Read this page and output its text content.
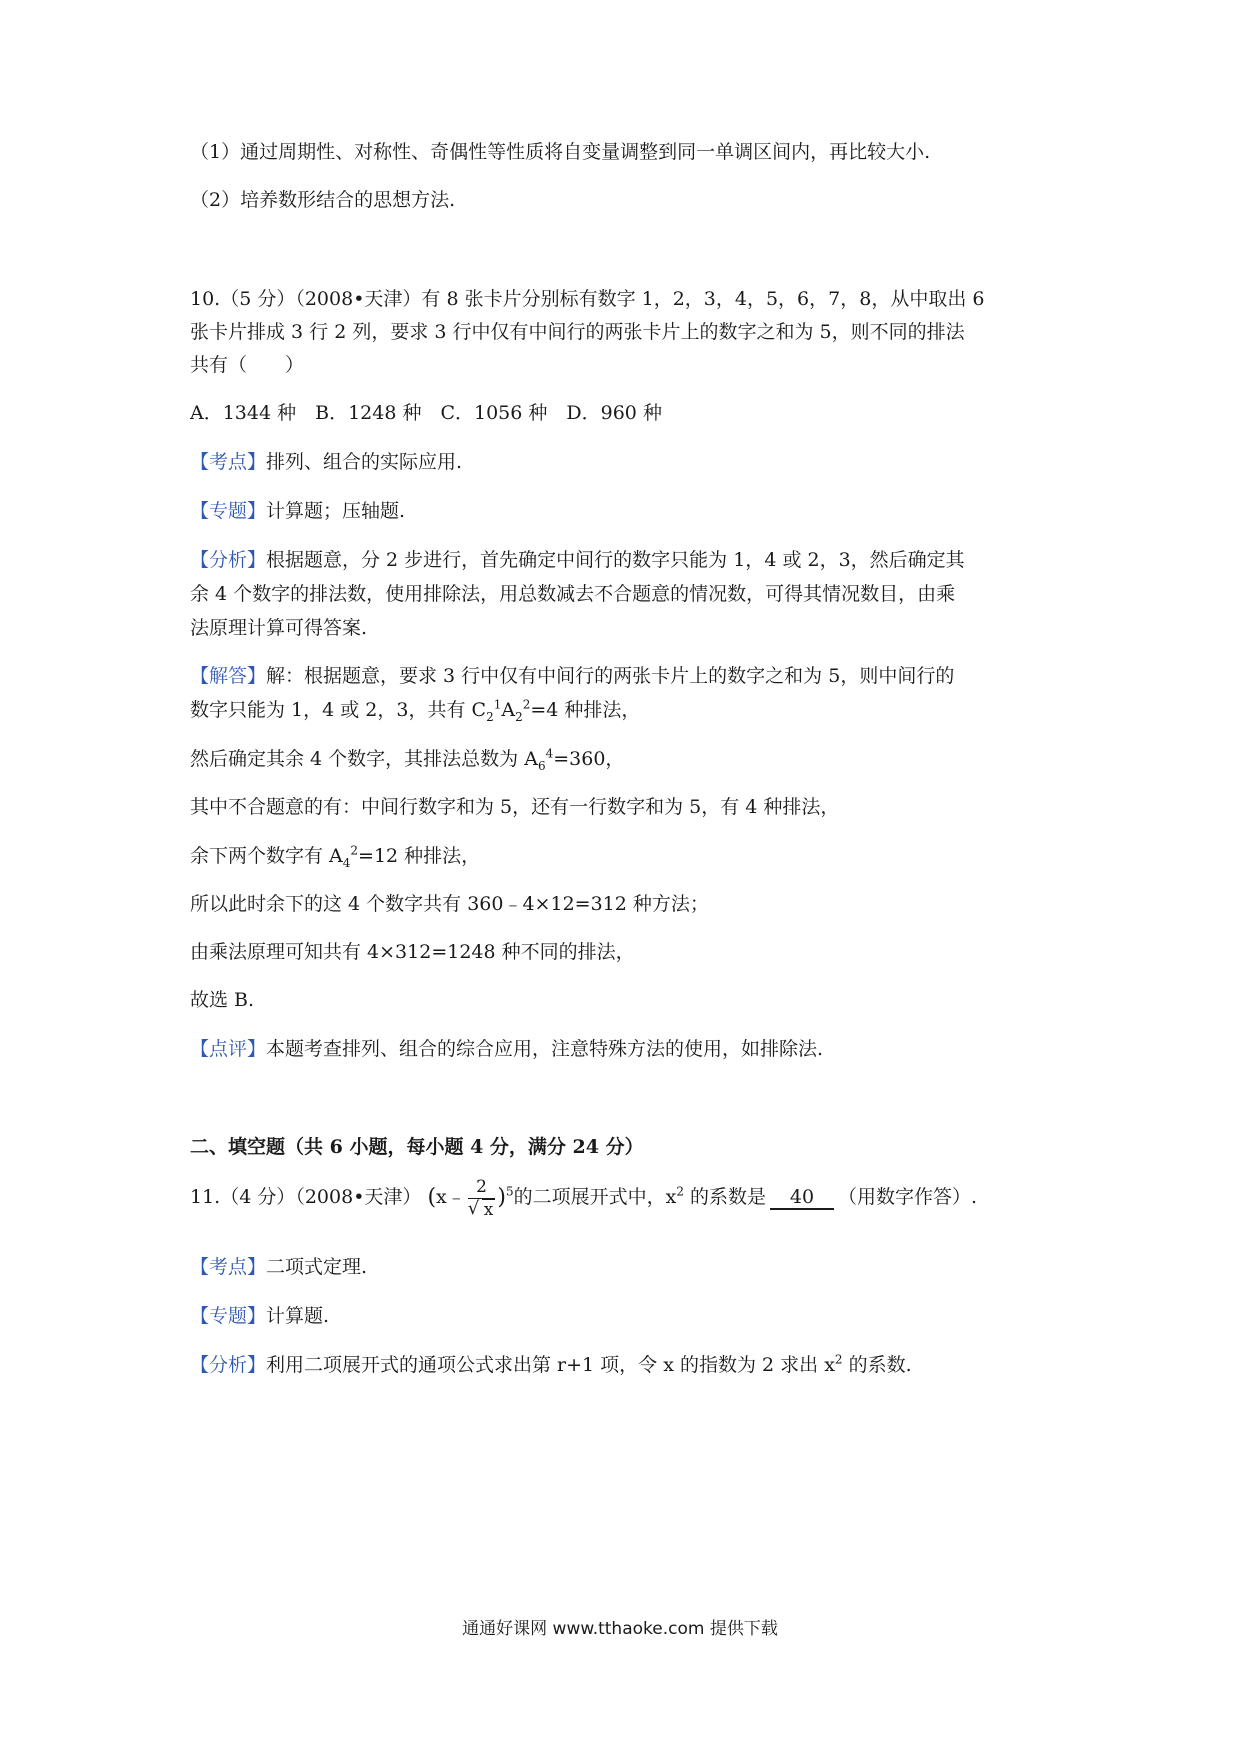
（1）通过周期性、对称性、奇偶性等性质将自变量调整到同一单调区间内，再比较大小.
（2）培养数形结合的思想方法.
10.（5 分）（2008•天津）有 8 张卡片分别标有数字 1，2，3，4，5，6，7，8，从中取出 6
张卡片排成 3 行 2 列，要求 3 行中仅有中间行的两张卡片上的数字之和为 5，则不同的排法
共有（　　）
A．1344 种　B．1248 种　C．1056 种　D．960 种
【考点】排列、组合的实际应用.
【专题】计算题；压轴题.
【分析】根据题意，分 2 步进行，首先确定中间行的数字只能为 1，4 或 2，3，然后确定其
余 4 个数字的排法数，使用排除法，用总数减去不合题意的情况数，可得其情况数目，由乘
法原理计算可得答案.
【解答】解：根据题意，要求 3 行中仅有中间行的两张卡片上的数字之和为 5，则中间行的
数字只能为 1，4 或 2，3，共有 $C_2^1A_2^2=4$ 种排法，
然后确定其余 4 个数字，其排法总数为 $A_6^4=360$，
其中不合题意的有：中间行数字和为 5，还有一行数字和为 5，有 4 种排法，
余下两个数字有 $A_4^2=12$ 种排法，
所以此时余下的这 4 个数字共有 360﹣4×12=312 种方法；
由乘法原理可知共有 4×312=1248 种不同的排法，
故选 B.
【点评】本题考查排列、组合的综合应用，注意特殊方法的使用，如排除法.
二、填空题（共 6 小题，每小题 4 分，满分 24 分）
11.（4 分）（2008•天津） (x﹣ $\frac{2}{√ x} )^5$的二项展开式中，$x^2$ 的系数是 40 （用数字作答）.
【考点】二项式定理.
【专题】计算题.
【分析】利用二项展开式的通项公式求出第 r+1 项，令 x 的指数为 2 求出 $x^2$ 的系数.
通通好课网 www.tthaoke.com 提供下载
